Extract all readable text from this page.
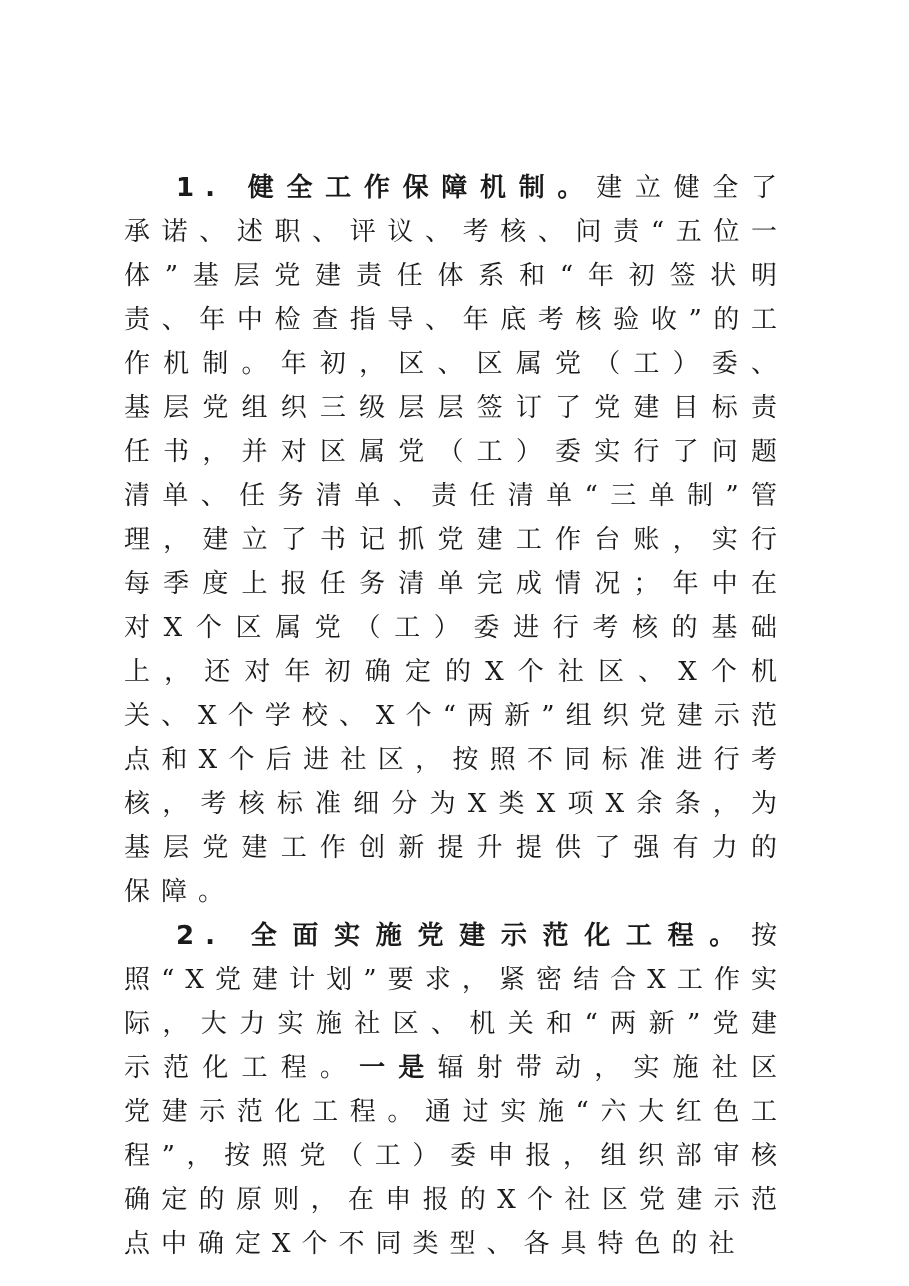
1. 健全工作保障机制。建立健全了承诺、述职、评议、考核、问责“五位一体”基层党建责任体系和“年初签状明责、年中检查指导、年底考核验收”的工作机制。年初，区、区属党（工）委、基层党组织三级层层签订了党建目标责任书，并对区属党（工）委实行了问题清单、任务清单、责任清单“三单制”管理，建立了书记抓党建工作台账，实行每季度上报任务清单完成情况；年中在对X个区属党（工）委进行考核的基础上，还对年初确定的X个社区、X个机关、X个学校、X个“两新”组织党建示范点和X个后进社区，按照不同标准进行考核，考核标准细分为X类X项X余条，为基层党建工作创新提升提供了强有力的保障。

2. 全面实施党建示范化工程。按照“X党建计划”要求，紧密结合X工作实际，大力实施社区、机关和“两新”党建示范化工程。一是辐射带动，实施社区党建示范化工程。通过实施“六大红色工程”，按照党（工）委申报，组织部审核确定的原则，在申报的X个社区党建示范点中确定X个不同类型、各具特色的社
